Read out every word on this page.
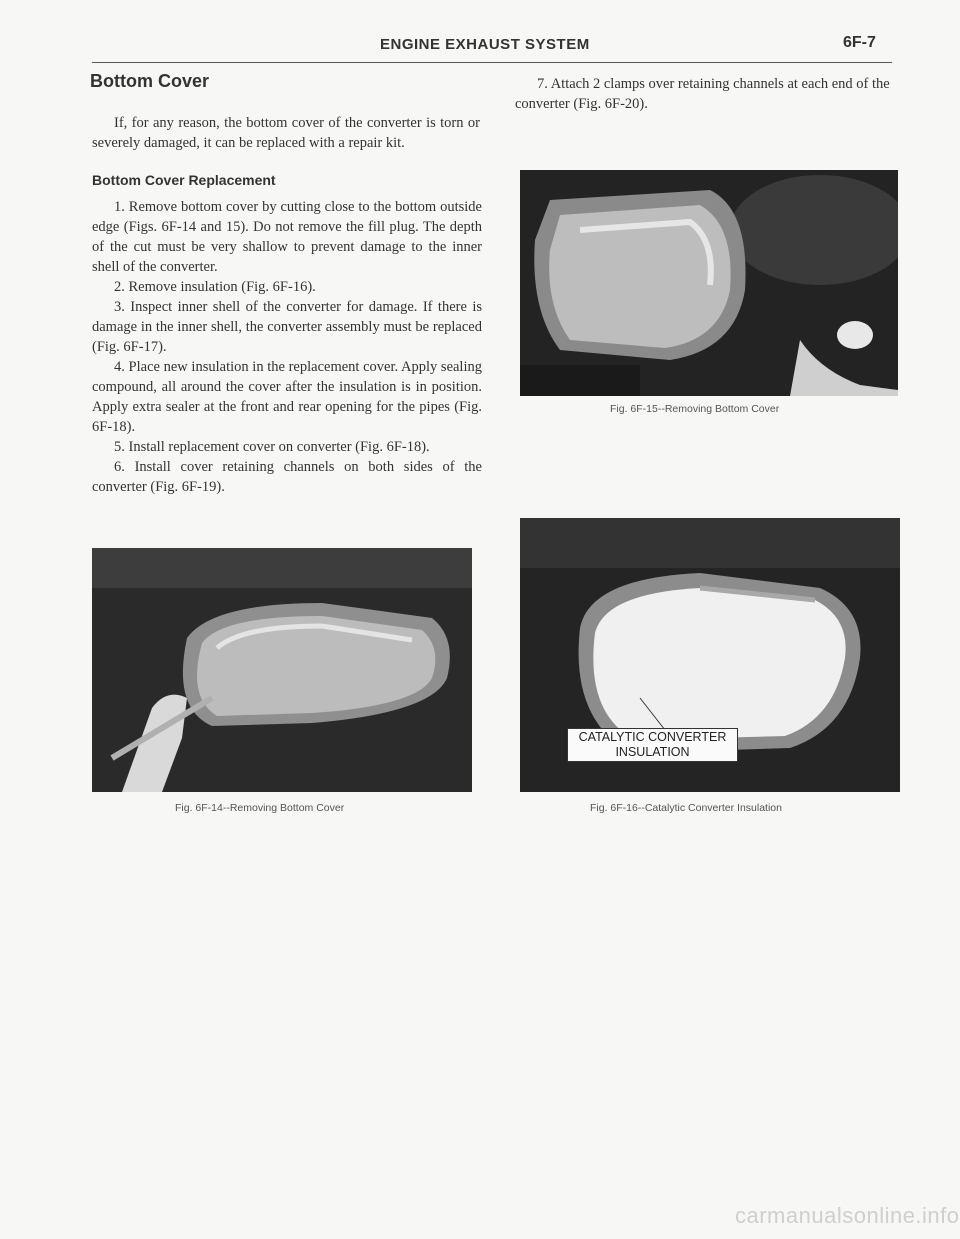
ENGINE EXHAUST SYSTEM	6F-7
Bottom Cover

If, for any reason, the bottom cover of the converter is torn or severely damaged, it can be replaced with a repair kit.

Bottom Cover Replacement

1. Remove bottom cover by cutting close to the bottom outside edge (Figs. 6F-14 and 15). Do not remove the fill plug. The depth of the cut must be very shallow to prevent damage to the inner shell of the converter.

2. Remove insulation (Fig. 6F-16).

3. Inspect inner shell of the converter for damage. If there is damage in the inner shell, the converter assembly must be replaced (Fig. 6F-17).

4. Place new insulation in the replacement cover. Apply sealing compound, all around the cover after the insulation is in position. Apply extra sealer at the front and rear opening for the pipes (Fig. 6F-18).

5. Install replacement cover on converter (Fig. 6F-18).

6. Install cover retaining channels on both sides of the converter (Fig. 6F-19).

7. Attach 2 clamps over retaining channels at each end of the converter (Fig. 6F-20).

Fig. 6F-15--Removing Bottom Cover
Fig. 6F-14--Removing Bottom Cover
CATALYTIC CONVERTER
INSULATION
Fig. 6F-16--Catalytic Converter Insulation
carmanualsonline.info
